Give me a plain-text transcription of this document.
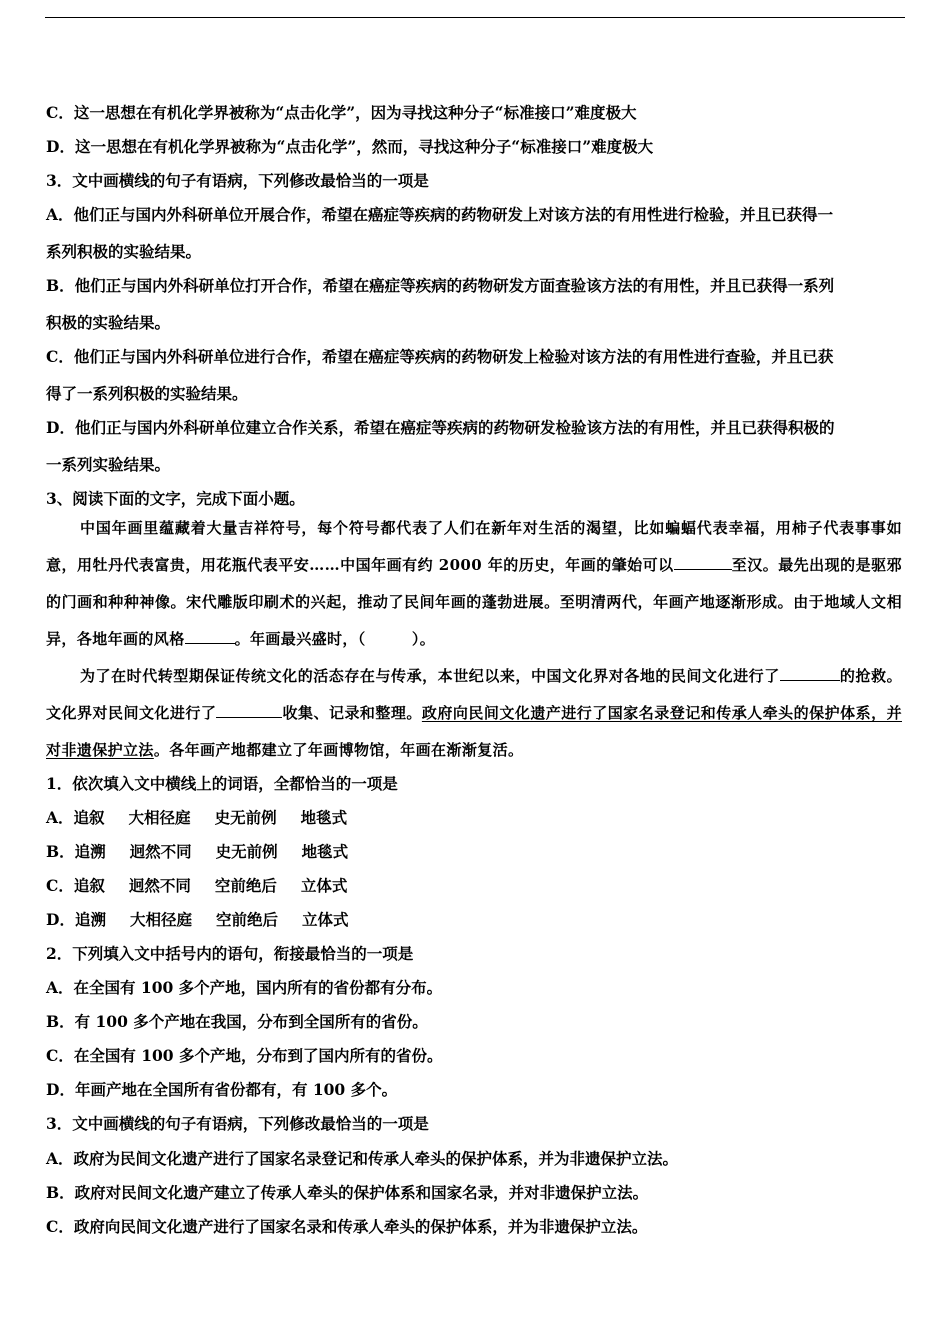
C．这一思想在有机化学界被称为“点击化学”，因为寻找这种分子“标准接口”难度极大
D．这一思想在有机化学界被称为“点击化学”，然而，寻找这种分子“标准接口”难度极大
3．文中画横线的句子有语病，下列修改最恰当的一项是
A．他们正与国内外科研单位开展合作，希望在癌症等疾病的药物研发上对该方法的有用性进行检验，并且已获得一
系列积极的实验结果。
B．他们正与国内外科研单位打开合作，希望在癌症等疾病的药物研发方面查验该方法的有用性，并且已获得一系列
积极的实验结果。
C．他们正与国内外科研单位进行合作，希望在癌症等疾病的药物研发上检验对该方法的有用性进行查验，并且已获
得了一系列积极的实验结果。
D．他们正与国内外科研单位建立合作关系，希望在癌症等疾病的药物研发检验该方法的有用性，并且已获得积极的
一系列实验结果。
3、阅读下面的文字，完成下面小题。
中国年画里蕴藏着大量吉祥符号，每个符号都代表了人们在新年对生活的渴望，比如蝙蝠代表幸福，用柿子代表事事如意，用牡丹代表富贵，用花瓶代表平安……中国年画有约 2000 年的历史，年画的肇始可以	至汉。最先出现的是驱邪的门画和种种神像。宋代雕版印刷术的兴起，推动了民间年画的蓬勃进展。至明清两代，年画产地逐渐形成。由于地域人文相异，各地年画的风格	。年画最兴盛时，（　　　）。
为了在时代转型期保证传统文化的活态存在与传承，本世纪以来，中国文化界对各地的民间文化进行了	的抢救。文化界对民间文化进行了	收集、记录和整理。政府向民间文化遗产进行了国家名录登记和传承人牵头的保护体系，并对非遗保护立法。各年画产地都建立了年画博物馆，年画在渐渐复活。
1．依次填入文中横线上的词语，全都恰当的一项是
A．追叙 大相径庭 史无前例 地毯式
B．追溯 迥然不同 史无前例 地毯式
C．追叙 迥然不同 空前绝后 立体式
D．追溯 大相径庭 空前绝后 立体式
2．下列填入文中括号内的语句，衔接最恰当的一项是
A．在全国有 100 多个产地，国内所有的省份都有分布。
B．有 100 多个产地在我国，分布到全国所有的省份。
C．在全国有 100 多个产地，分布到了国内所有的省份。
D．年画产地在全国所有省份都有，有 100 多个。
3．文中画横线的句子有语病，下列修改最恰当的一项是
A．政府为民间文化遗产进行了国家名录登记和传承人牵头的保护体系，并为非遗保护立法。
B．政府对民间文化遗产建立了传承人牵头的保护体系和国家名录，并对非遗保护立法。
C．政府向民间文化遗产进行了国家名录和传承人牵头的保护体系，并为非遗保护立法。
